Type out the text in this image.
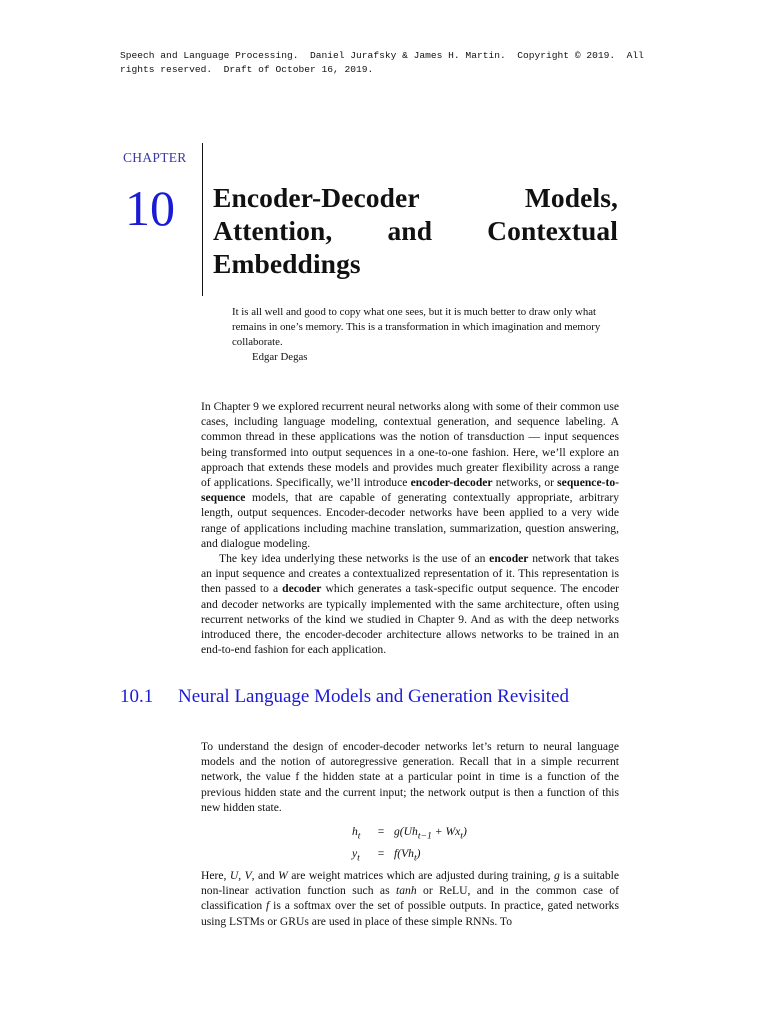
Speech and Language Processing.  Daniel Jurafsky & James H. Martin.  Copyright © 2019.  All
rights reserved.  Draft of October 16, 2019.
CHAPTER
10 Encoder-Decoder Models, Attention, and Contextual Embeddings
It is all well and good to copy what one sees, but it is much better to draw only what remains in one’s memory. This is a transformation in which imagination and memory collaborate.
Edgar Degas

In Chapter 9 we explored recurrent neural networks along with some of their common use cases, including language modeling, contextual generation, and sequence labeling. A common thread in these applications was the notion of transduction — input sequences being transformed into output sequences in a one-to-one fashion. Here, we’ll explore an approach that extends these models and provides much greater flexibility across a range of applications. Specifically, we’ll introduce encoder-decoder networks, or sequence-to-sequence models, that are capable of generating contextually appropriate, arbitrary length, output sequences. Encoder-decoder networks have been applied to a very wide range of applications including machine translation, summarization, question answering, and dialogue modeling.

The key idea underlying these networks is the use of an encoder network that takes an input sequence and creates a contextualized representation of it. This representation is then passed to a decoder which generates a task-specific output sequence. The encoder and decoder networks are typically implemented with the same architecture, often using recurrent networks of the kind we studied in Chapter 9. And as with the deep networks introduced there, the encoder-decoder architecture allows networks to be trained in an end-to-end fashion for each application.

10.1 Neural Language Models and Generation Revisited

To understand the design of encoder-decoder networks let’s return to neural language models and the notion of autoregressive generation. Recall that in a simple recurrent network, the value f the hidden state at a particular point in time is a function of the previous hidden state and the current input; the network output is then a function of this new hidden state.

$h_t$	= $g(Uh_{t-1} + Wx_t)$
$y_t$	= $f(Vh_t)$

Here, U, V, and W are weight matrices which are adjusted during training, g is a suitable non-linear activation function such as tanh or ReLU, and in the common case of classification f is a softmax over the set of possible outputs. In practice, gated networks using LSTMs or GRUs are used in place of these simple RNNs. To
